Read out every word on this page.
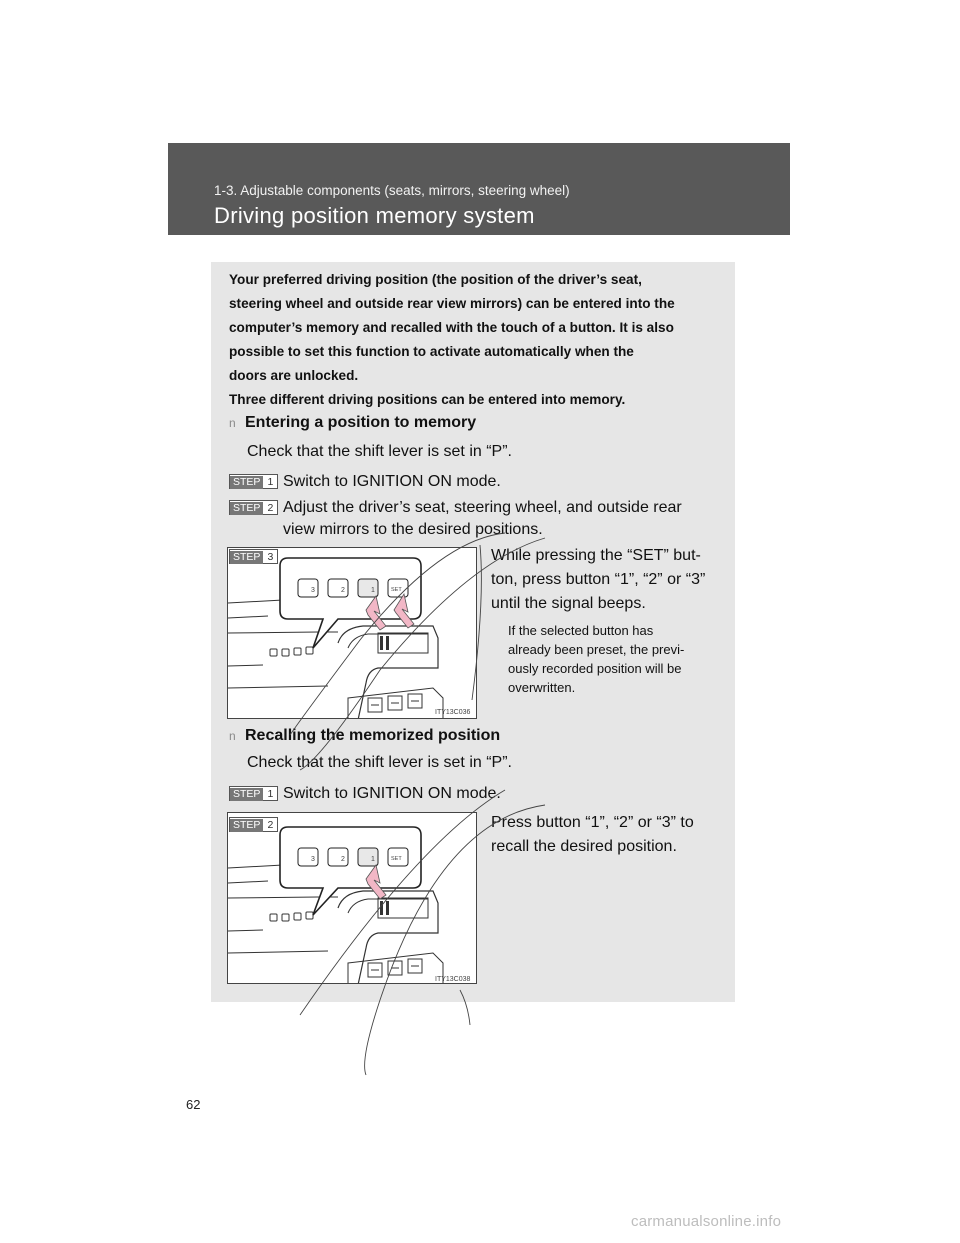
1-3. Adjustable components (seats, mirrors, steering wheel)
Driving position memory system

Your preferred driving position (the position of the driver’s seat,

steering wheel and outside rear view mirrors) can be entered into the

computer’s memory and recalled with the touch of a button. It is also

possible to set this function to activate automatically when the

doors are unlocked.

Three different driving positions can be entered into memory.

n Entering a position to memory
Check that the shift lever is set in “P”.
STEP 1 Switch to IGNITION ON mode.
STEP 2 Adjust the driver’s seat, steering wheel, and outside rear
view mirrors to the desired positions.
STEP 3
3	2	1	SET
ITY13C036
While pressing the “SET” but-
ton, press button “1”, “2” or “3”
until the signal beeps.
If the selected button has
already been preset, the previ-
ously recorded position will be
overwritten.
n Recalling the memorized position
Check that the shift lever is set in “P”.
STEP 1 Switch to IGNITION ON mode.
STEP 2
3	2	1	SET
ITY13C038
Press button “1”, “2” or “3” to
recall the desired position.
62
carmanualsonline.info
